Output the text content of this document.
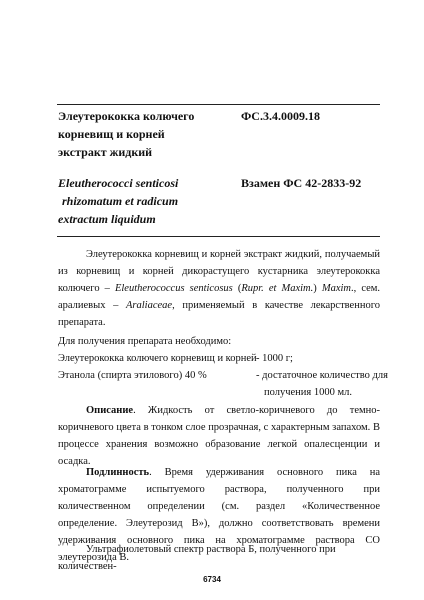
Элеутерококка колючего
корневищ и корней
экстракт жидкий
ФС.3.4.0009.18
Eleutherococci senticosi
rhizomatum et radicum
extractum liquidum
Взамен ФС 42-2833-92
Элеутерококка корневищ и корней экстракт жидкий, получаемый из корневищ и корней дикорастущего кустарника элеутерококка колючего – Eleutherococcus senticosus (Rupr. et Maxim.) Maxim., сем. аралиевых – Araliaceae, применяемый в качестве лекарственного препарата.
Для получения препарата необходимо:
Элеутерококка колючего корневищ и корней - 1000 г;
Этанола (спирта этилового) 40 %	- достаточное количество для
получения 1000 мл.
Описание. Жидкость от светло-коричневого до темно-коричневого цвета в тонком слое прозрачная, с характерным запахом. В процессе хранения возможно образование легкой опалесценции и осадка.
Подлинность. Время удерживания основного пика на хроматограмме испытуемого раствора, полученного при количественном определении (см. раздел «Количественное определение. Элеутерозид В»), должно соответствовать времени удерживания основного пика на хроматограмме раствора СО элеутерозида В.
Ультрафиолетовый спектр раствора Б, полученного при количествен-
6734
